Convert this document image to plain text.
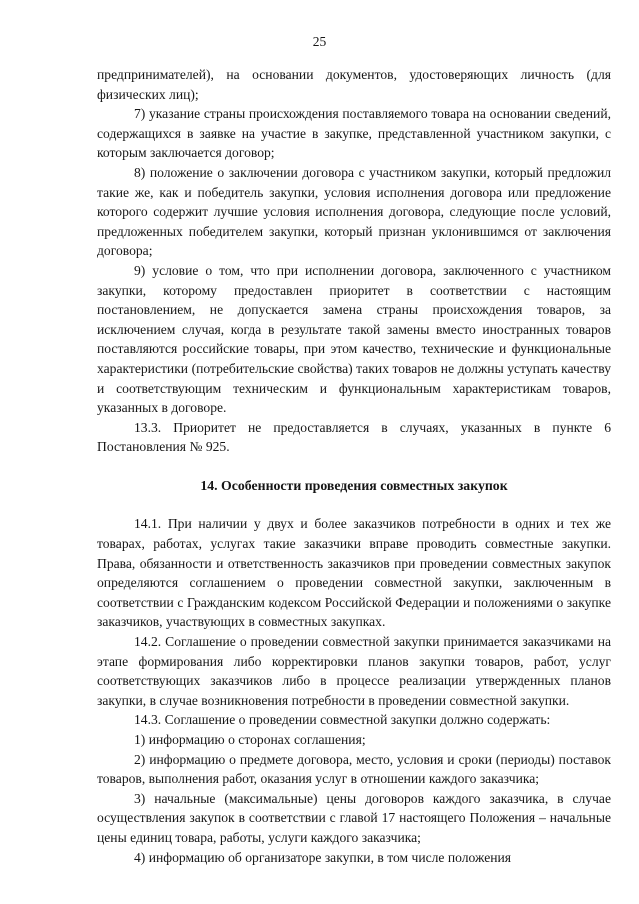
25

предпринимателей), на основании документов, удостоверяющих личность (для физических лиц);

7) указание страны происхождения поставляемого товара на основании сведений, содержащихся в заявке на участие в закупке, представленной участником закупки, с которым заключается договор;

8) положение о заключении договора с участником закупки, который предложил такие же, как и победитель закупки, условия исполнения договора или предложение которого содержит лучшие условия исполнения договора, следующие после условий, предложенных победителем закупки, который признан уклонившимся от заключения договора;

9) условие о том, что при исполнении договора, заключенного с участником закупки, которому предоставлен приоритет в соответствии с настоящим постановлением, не допускается замена страны происхождения товаров, за исключением случая, когда в результате такой замены вместо иностранных товаров поставляются российские товары, при этом качество, технические и функциональные характеристики (потребительские свойства) таких товаров не должны уступать качеству и соответствующим техническим и функциональным характеристикам товаров, указанных в договоре.

13.3. Приоритет не предоставляется в случаях, указанных в пункте 6 Постановления № 925.

14. Особенности проведения совместных закупок

14.1. При наличии у двух и более заказчиков потребности в одних и тех же товарах, работах, услугах такие заказчики вправе проводить совместные закупки. Права, обязанности и ответственность заказчиков при проведении совместных закупок определяются соглашением о проведении совместной закупки, заключенным в соответствии с Гражданским кодексом Российской Федерации и положениями о закупке заказчиков, участвующих в совместных закупках.

14.2. Соглашение о проведении совместной закупки принимается заказчиками на этапе формирования либо корректировки планов закупки товаров, работ, услуг соответствующих заказчиков либо в процессе реализации утвержденных планов закупки, в случае возникновения потребности в проведении совместной закупки.

14.3. Соглашение о проведении совместной закупки должно содержать:

1) информацию о сторонах соглашения;

2) информацию о предмете договора, место, условия и сроки (периоды) поставок товаров, выполнения работ, оказания услуг в отношении каждого заказчика;

3) начальные (максимальные) цены договоров каждого заказчика, в случае осуществления закупок в соответствии с главой 17 настоящего Положения – начальные цены единиц товара, работы, услуги каждого заказчика;

4) информацию об организаторе закупки, в том числе положения
